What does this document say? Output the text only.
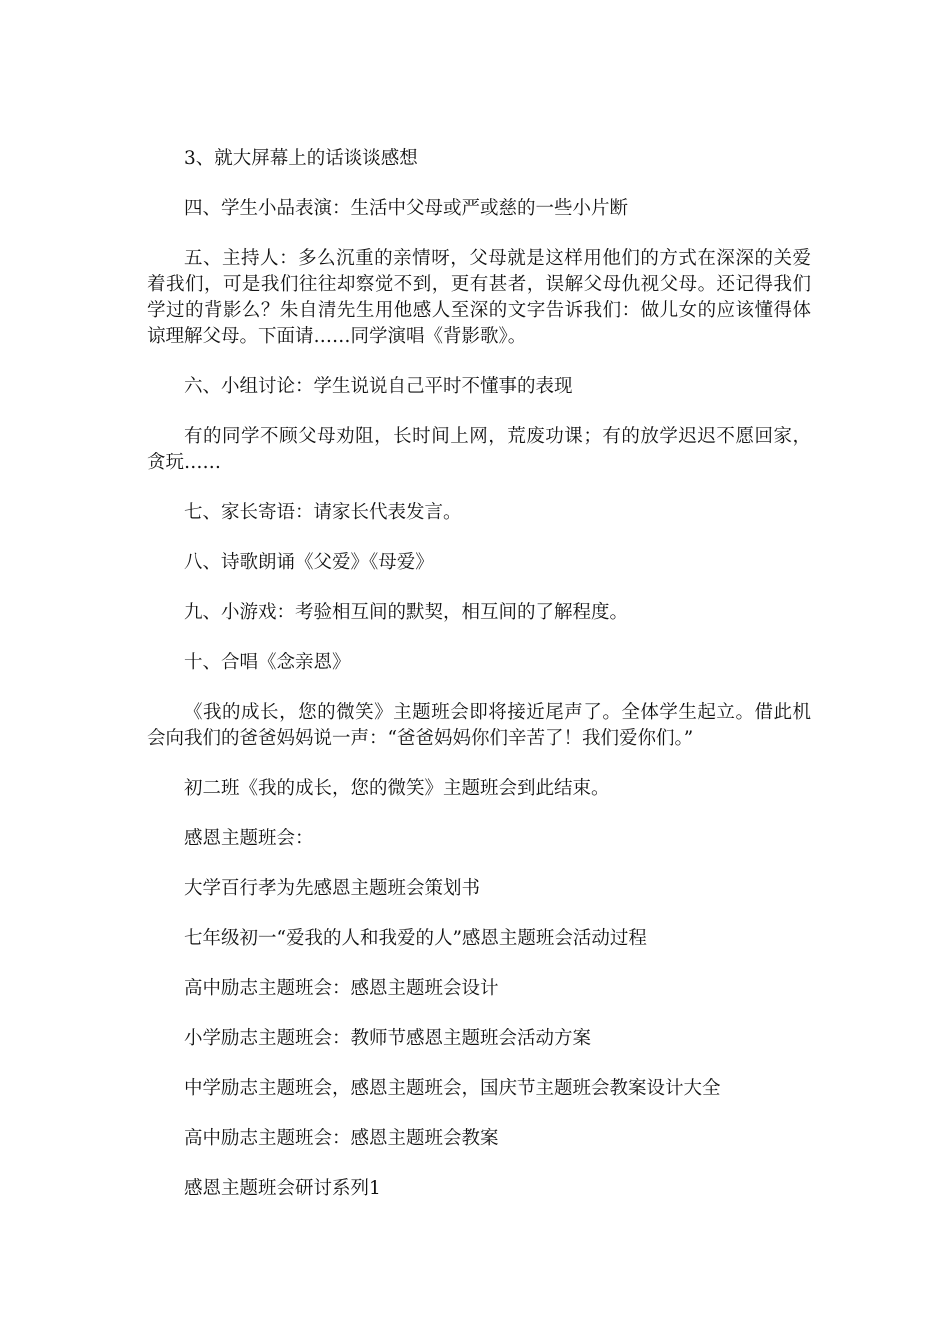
3、就大屏幕上的话谈谈感想

四、学生小品表演：生活中父母或严或慈的一些小片断

五、主持人：多么沉重的亲情呀，父母就是这样用他们的方式在深深的关爱着我们，可是我们往往却察觉不到，更有甚者，误解父母仇视父母。还记得我们学过的背影么？朱自清先生用他感人至深的文字告诉我们：做儿女的应该懂得体谅理解父母。下面请……同学演唱《背影歌》。

六、小组讨论：学生说说自己平时不懂事的表现

有的同学不顾父母劝阻，长时间上网，荒废功课；有的放学迟迟不愿回家，贪玩……

七、家长寄语：请家长代表发言。

八、诗歌朗诵《父爱》《母爱》

九、小游戏：考验相互间的默契，相互间的了解程度。

十、合唱《念亲恩》

《我的成长，您的微笑》主题班会即将接近尾声了。全体学生起立。借此机会向我们的爸爸妈妈说一声：“爸爸妈妈你们辛苦了！我们爱你们。”

初二班《我的成长，您的微笑》主题班会到此结束。

感恩主题班会：

大学百行孝为先感恩主题班会策划书

七年级初一“爱我的人和我爱的人”感恩主题班会活动过程

高中励志主题班会：感恩主题班会设计

小学励志主题班会：教师节感恩主题班会活动方案

中学励志主题班会，感恩主题班会，国庆节主题班会教案设计大全

高中励志主题班会：感恩主题班会教案

感恩主题班会研讨系列1
